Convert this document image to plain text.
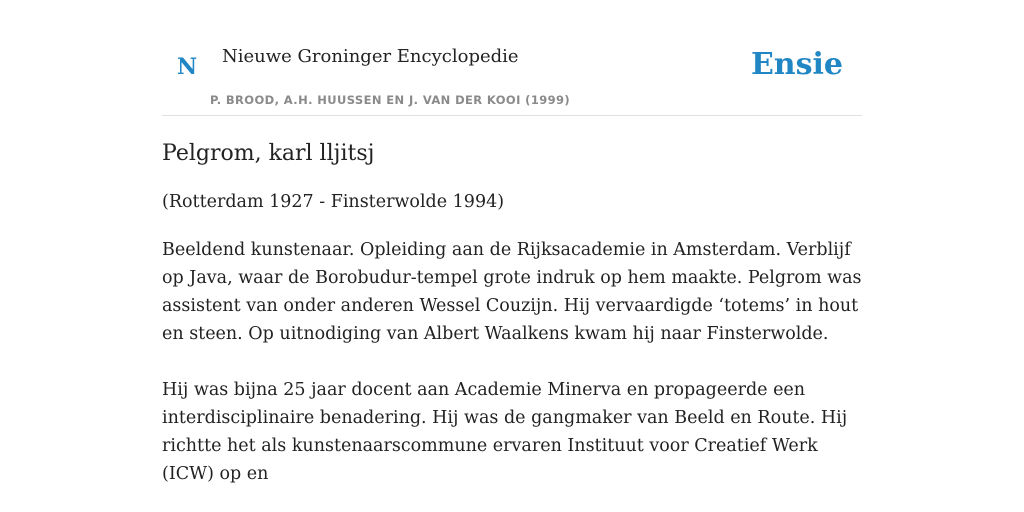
N Nieuwe Groninger Encyclopedie
P. BROOD, A.H. HUUSSEN EN J. VAN DER KOOI (1999)
Ensie
Pelgrom, karl lljitsj

(Rotterdam 1927 - Finsterwolde 1994)

Beeldend kunstenaar. Opleiding aan de Rijksacademie in Amsterdam. Verblijf op Java, waar de Borobudur-tempel grote indruk op hem maakte. Pelgrom was assistent van onder anderen Wessel Couzijn. Hij vervaardigde ‘totems’ in hout en steen. Op uitnodiging van Albert Waalkens kwam hij naar Finsterwolde.

Hij was bijna 25 jaar docent aan Academie Minerva en propageerde een interdisciplinaire benadering. Hij was de gangmaker van Beeld en Route. Hij richtte het als kunstenaarscommune ervaren Instituut voor Creatief Werk (ICW) op en
